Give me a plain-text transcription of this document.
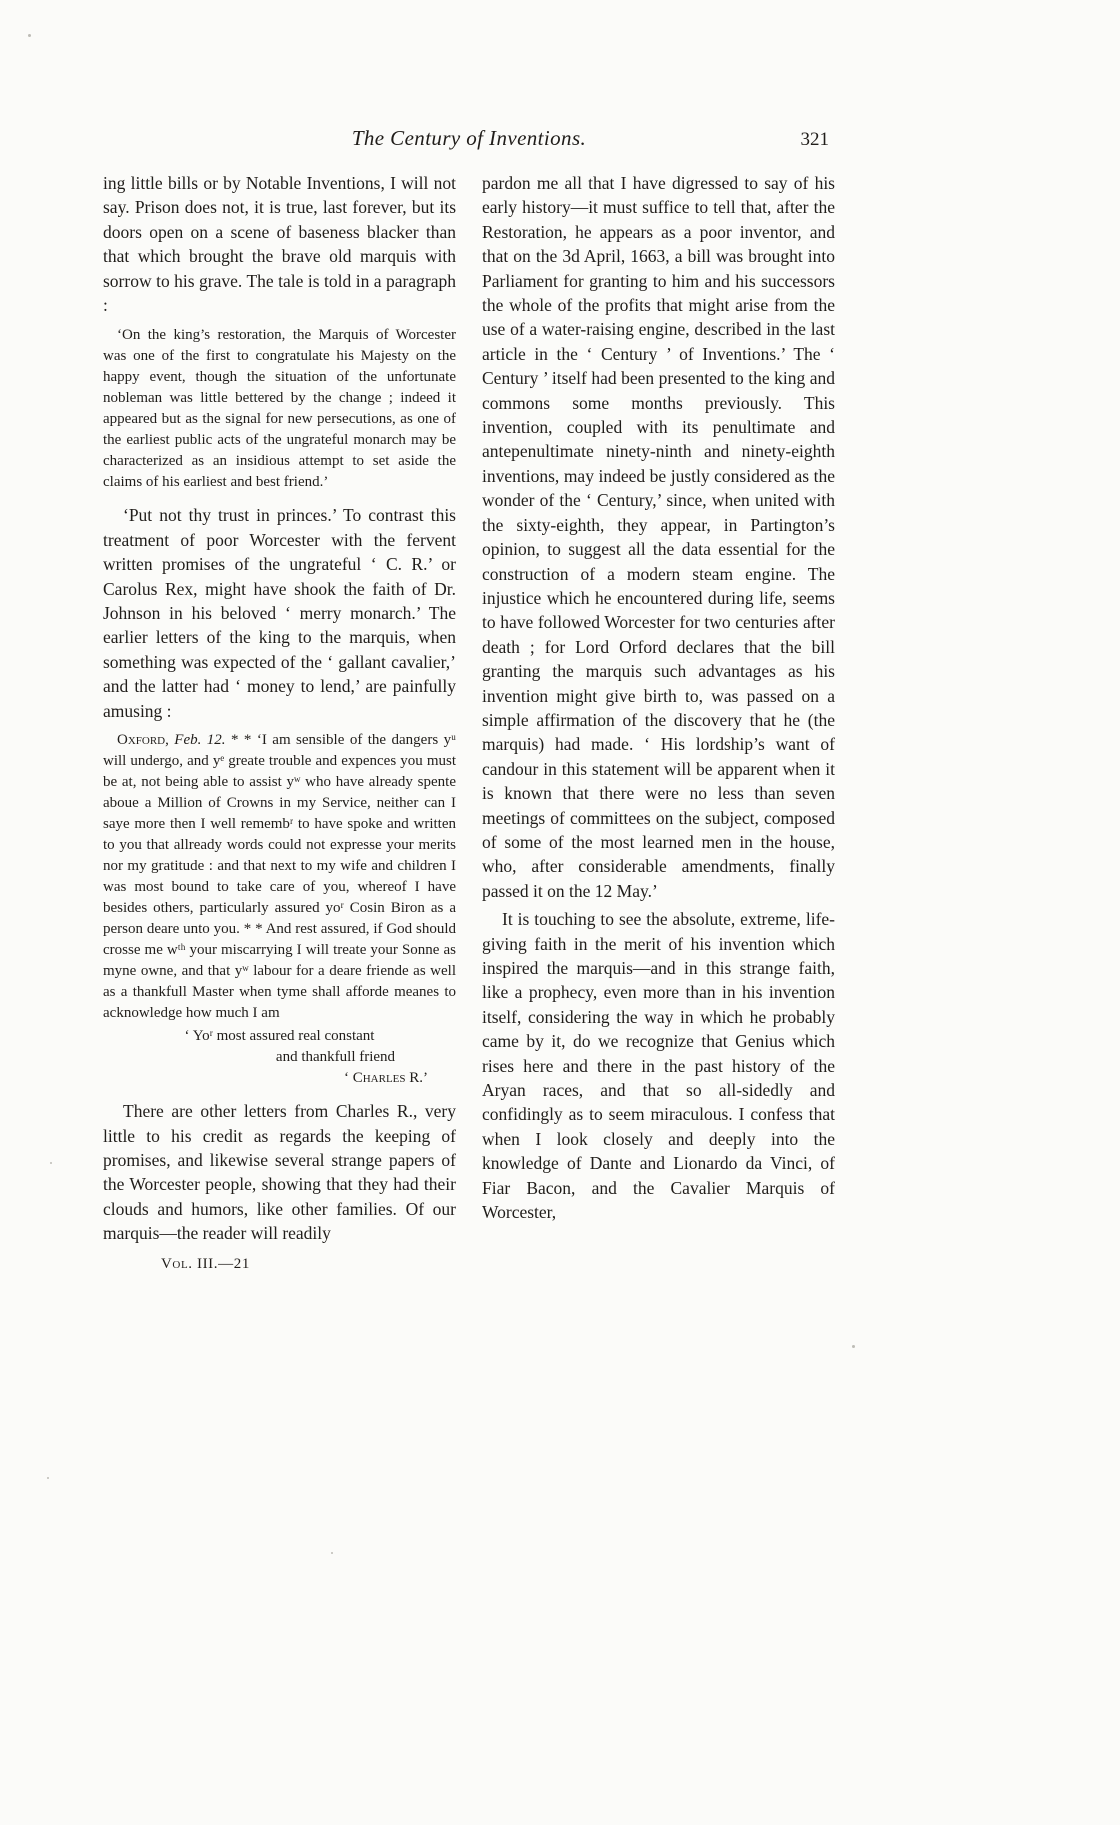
The Century of Inventions.	321

ing little bills or by Notable Inventions, I will not say. Prison does not, it is true, last forever, but its doors open on a scene of baseness blacker than that which brought the brave old marquis with sorrow to his grave. The tale is told in a paragraph :

‘On the king’s restoration, the Marquis of Worcester was one of the first to congratulate his Majesty on the happy event, though the situation of the unfortunate nobleman was little bettered by the change ; indeed it appeared but as the signal for new persecutions, as one of the earliest public acts of the ungrateful monarch may be characterized as an insidious attempt to set aside the claims of his earliest and best friend.’

‘Put not thy trust in princes.’ To contrast this treatment of poor Worcester with the fervent written promises of the ungrateful ‘ C. R.’ or Carolus Rex, might have shook the faith of Dr. Johnson in his beloved ‘ merry monarch.’ The earlier letters of the king to the marquis, when something was expected of the ‘ gallant cavalier,’ and the latter had ‘ money to lend,’ are painfully amusing :

Oxford, Feb. 12. * * ‘I am sensible of the dangers yᵘ will undergo, and yᵉ greate trouble and expences you must be at, not being able to assist yʷ who have already spente aboue a Million of Crowns in my Service, neither can I saye more then I well remembʳ to have spoke and written to you that allready words could not expresse your merits nor my gratitude : and that next to my wife and children I was most bound to take care of you, whereof I have besides others, particularly assured yoʳ Cosin Biron as a person deare unto you. * * And rest assured, if God should crosse me wᵗʰ your miscarrying I will treate your Sonne as myne owne, and that yʷ labour for a deare friende as well as a thankfull Master when tyme shall afforde meanes to acknowledge how much I am

‘ Yoʳ most assured real constant
and thankfull friend
‘ Charles R.’

There are other letters from Charles R., very little to his credit as regards the keeping of promises, and likewise several strange papers of the Worcester people, showing that they had their clouds and humors, like other families. Of our marquis—the reader will readily

Vol. III.—21

pardon me all that I have digressed to say of his early history—it must suffice to tell that, after the Restoration, he appears as a poor inventor, and that on the 3d April, 1663, a bill was brought into Parliament for granting to him and his successors the whole of the profits that might arise from the use of a water-raising engine, described in the last article in the ‘ Century ’ of Inventions.’ The ‘ Century ’ itself had been presented to the king and commons some months previously. This invention, coupled with its penultimate and antepenultimate ninety-ninth and ninety-eighth inventions, may indeed be justly considered as the wonder of the ‘ Century,’ since, when united with the sixty-eighth, they appear, in Partington’s opinion, to suggest all the data essential for the construction of a modern steam engine. The injustice which he encountered during life, seems to have followed Worcester for two centuries after death ; for Lord Orford declares that the bill granting the marquis such advantages as his invention might give birth to, was passed on a simple affirmation of the discovery that he (the marquis) had made. ‘ His lordship’s want of candour in this statement will be apparent when it is known that there were no less than seven meetings of committees on the subject, composed of some of the most learned men in the house, who, after considerable amendments, finally passed it on the 12 May.’

It is touching to see the absolute, extreme, life-giving faith in the merit of his invention which inspired the marquis—and in this strange faith, like a prophecy, even more than in his invention itself, considering the way in which he probably came by it, do we recognize that Genius which rises here and there in the past history of the Aryan races, and that so all-sidedly and confidingly as to seem miraculous. I confess that when I look closely and deeply into the knowledge of Dante and Lionardo da Vinci, of Fiar Bacon, and the Cavalier Marquis of Worcester,
